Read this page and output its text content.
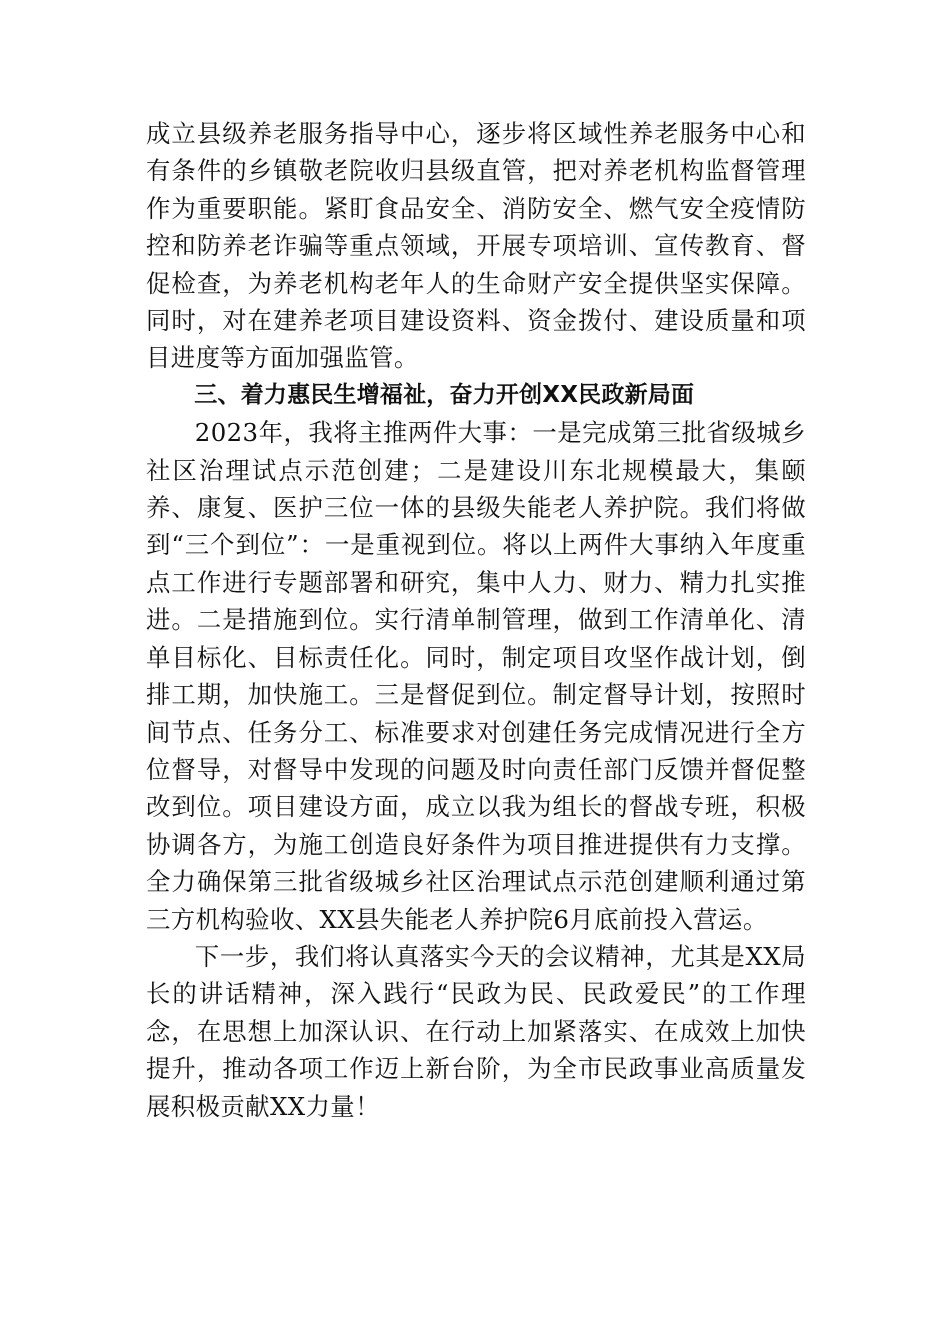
成立县级养老服务指导中心，逐步将区域性养老服务中心和有条件的乡镇敬老院收归县级直管，把对养老机构监督管理作为重要职能。紧盯食品安全、消防安全、燃气安全疫情防控和防养老诈骗等重点领域，开展专项培训、宣传教育、督促检查，为养老机构老年人的生命财产安全提供坚实保障。同时，对在建养老项目建设资料、资金拨付、建设质量和项目进度等方面加强监管。

三、着力惠民生增福祉，奋力开创XX民政新局面

2023年，我将主推两件大事：一是完成第三批省级城乡社区治理试点示范创建；二是建设川东北规模最大，集颐养、康复、医护三位一体的县级失能老人养护院。我们将做到“三个到位”：一是重视到位。将以上两件大事纳入年度重点工作进行专题部署和研究，集中人力、财力、精力扎实推进。二是措施到位。实行清单制管理，做到工作清单化、清单目标化、目标责任化。同时，制定项目攻坚作战计划，倒排工期，加快施工。三是督促到位。制定督导计划，按照时间节点、任务分工、标准要求对创建任务完成情况进行全方位督导，对督导中发现的问题及时向责任部门反馈并督促整改到位。项目建设方面，成立以我为组长的督战专班，积极协调各方，为施工创造良好条件为项目推进提供有力支撑。全力确保第三批省级城乡社区治理试点示范创建顺利通过第三方机构验收、XX县失能老人养护院6月底前投入营运。

下一步，我们将认真落实今天的会议精神，尤其是XX局长的讲话精神，深入践行“民政为民、民政爱民”的工作理念，在思想上加深认识、在行动上加紧落实、在成效上加快提升，推动各项工作迈上新台阶，为全市民政事业高质量发展积极贡献XX力量！
